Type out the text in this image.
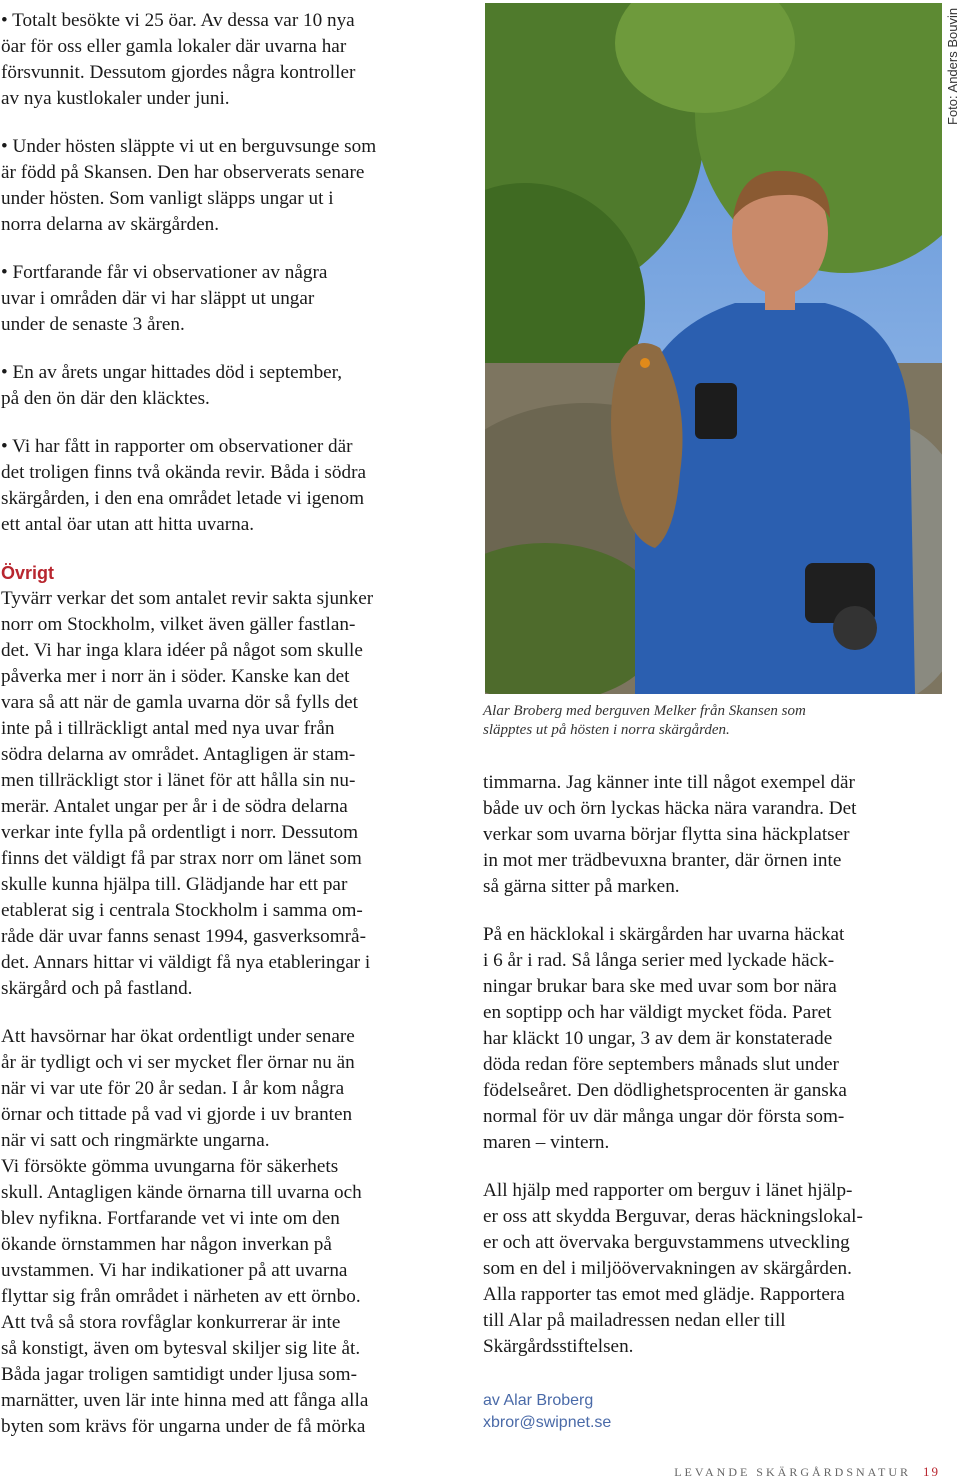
• Totalt besökte vi 25 öar. Av dessa var 10 nya
öar för oss eller gamla lokaler där uvarna har
försvunnit. Dessutom gjordes några kontroller
av nya kustlokaler under juni.

• Under hösten släppte vi ut en berguvsunge som
är född på Skansen. Den har observerats senare
under hösten. Som vanligt släpps ungar ut i
norra delarna av skärgården.

• Fortfarande får vi observationer av några
uvar i områden där vi har släppt ut ungar
under de senaste 3 åren.

• En av årets ungar hittades död i september,
på den ön där den kläcktes.

• Vi har fått in rapporter om observationer där
det troligen finns två okända revir. Båda i södra
skärgården, i den ena området letade vi igenom
ett antal öar utan att hitta uvarna.

Övrigt

Tyvärr verkar det som antalet revir sakta sjunker
norr om Stockholm, vilket även gäller fastlan-
det. Vi har inga klara idéer på något som skulle
påverka mer i norr än i söder. Kanske kan det
vara så att när de gamla uvarna dör så fylls det
inte på i tillräckligt antal med nya uvar från
södra delarna av området. Antagligen är stam-
men tillräckligt stor i länet för att hålla sin nu-
merär. Antalet ungar per år i de södra delarna
verkar inte fylla på ordentligt i norr. Dessutom
finns det väldigt få par strax norr om länet som
skulle kunna hjälpa till. Glädjande har ett par
etablerat sig i centrala Stockholm i samma om-
råde där uvar fanns senast 1994, gasverksområ-
det. Annars hittar vi väldigt få nya etableringar i
skärgård och på fastland.

Att havsörnar har ökat ordentligt under senare
år är tydligt och vi ser mycket fler örnar nu än
när vi var ute för 20 år sedan. I år kom några
örnar och tittade på vad vi gjorde i uv branten
när vi satt och ringmärkte ungarna.
Vi försökte gömma uvungarna för säkerhets
skull. Antagligen kände örnarna till uvarna och
blev nyfikna. Fortfarande vet vi inte om den
ökande örnstammen har någon inverkan på
uvstammen. Vi har indikationer på att uvarna
flyttar sig från området i närheten av ett örnbo.
Att två så stora rovfåglar konkurrerar är inte
så konstigt, även om bytesval skiljer sig lite åt.
Båda jagar troligen samtidigt under ljusa som-
marnätter, uven lär inte hinna med att fånga alla
byten som krävs för ungarna under de få mörka

Foto: Anders Bouvin
Alar Broberg med berguven Melker från Skansen som
släpptes ut på hösten i norra skärgården.

timmarna. Jag känner inte till något exempel där
både uv och örn lyckas häcka nära varandra. Det
verkar som uvarna börjar flytta sina häckplatser
in mot mer trädbevuxna branter, där örnen inte
så gärna sitter på marken.

På en häcklokal i skärgården har uvarna häckat
i 6 år i rad. Så långa serier med lyckade häck-
ningar brukar bara ske med uvar som bor nära
en soptipp och har väldigt mycket föda. Paret
har kläckt 10 ungar, 3 av dem är konstaterade
döda redan före septembers månads slut under
födelseåret. Den dödlighetsprocenten är ganska
normal för uv där många ungar dör första som-
maren – vintern.

All hjälp med rapporter om berguv i länet hjälp-
er oss att skydda Berguvar, deras häckningslokal-
er och att övervaka berguvstammens utveckling
som en del i miljöövervakningen av skärgården.
Alla rapporter tas emot med glädje. Rapportera
till Alar på mailadressen nedan eller till
Skärgårdsstiftelsen.

av Alar Broberg
xbror@swipnet.se
LEVANDE SKÄRGÅRDSNATUR 19
